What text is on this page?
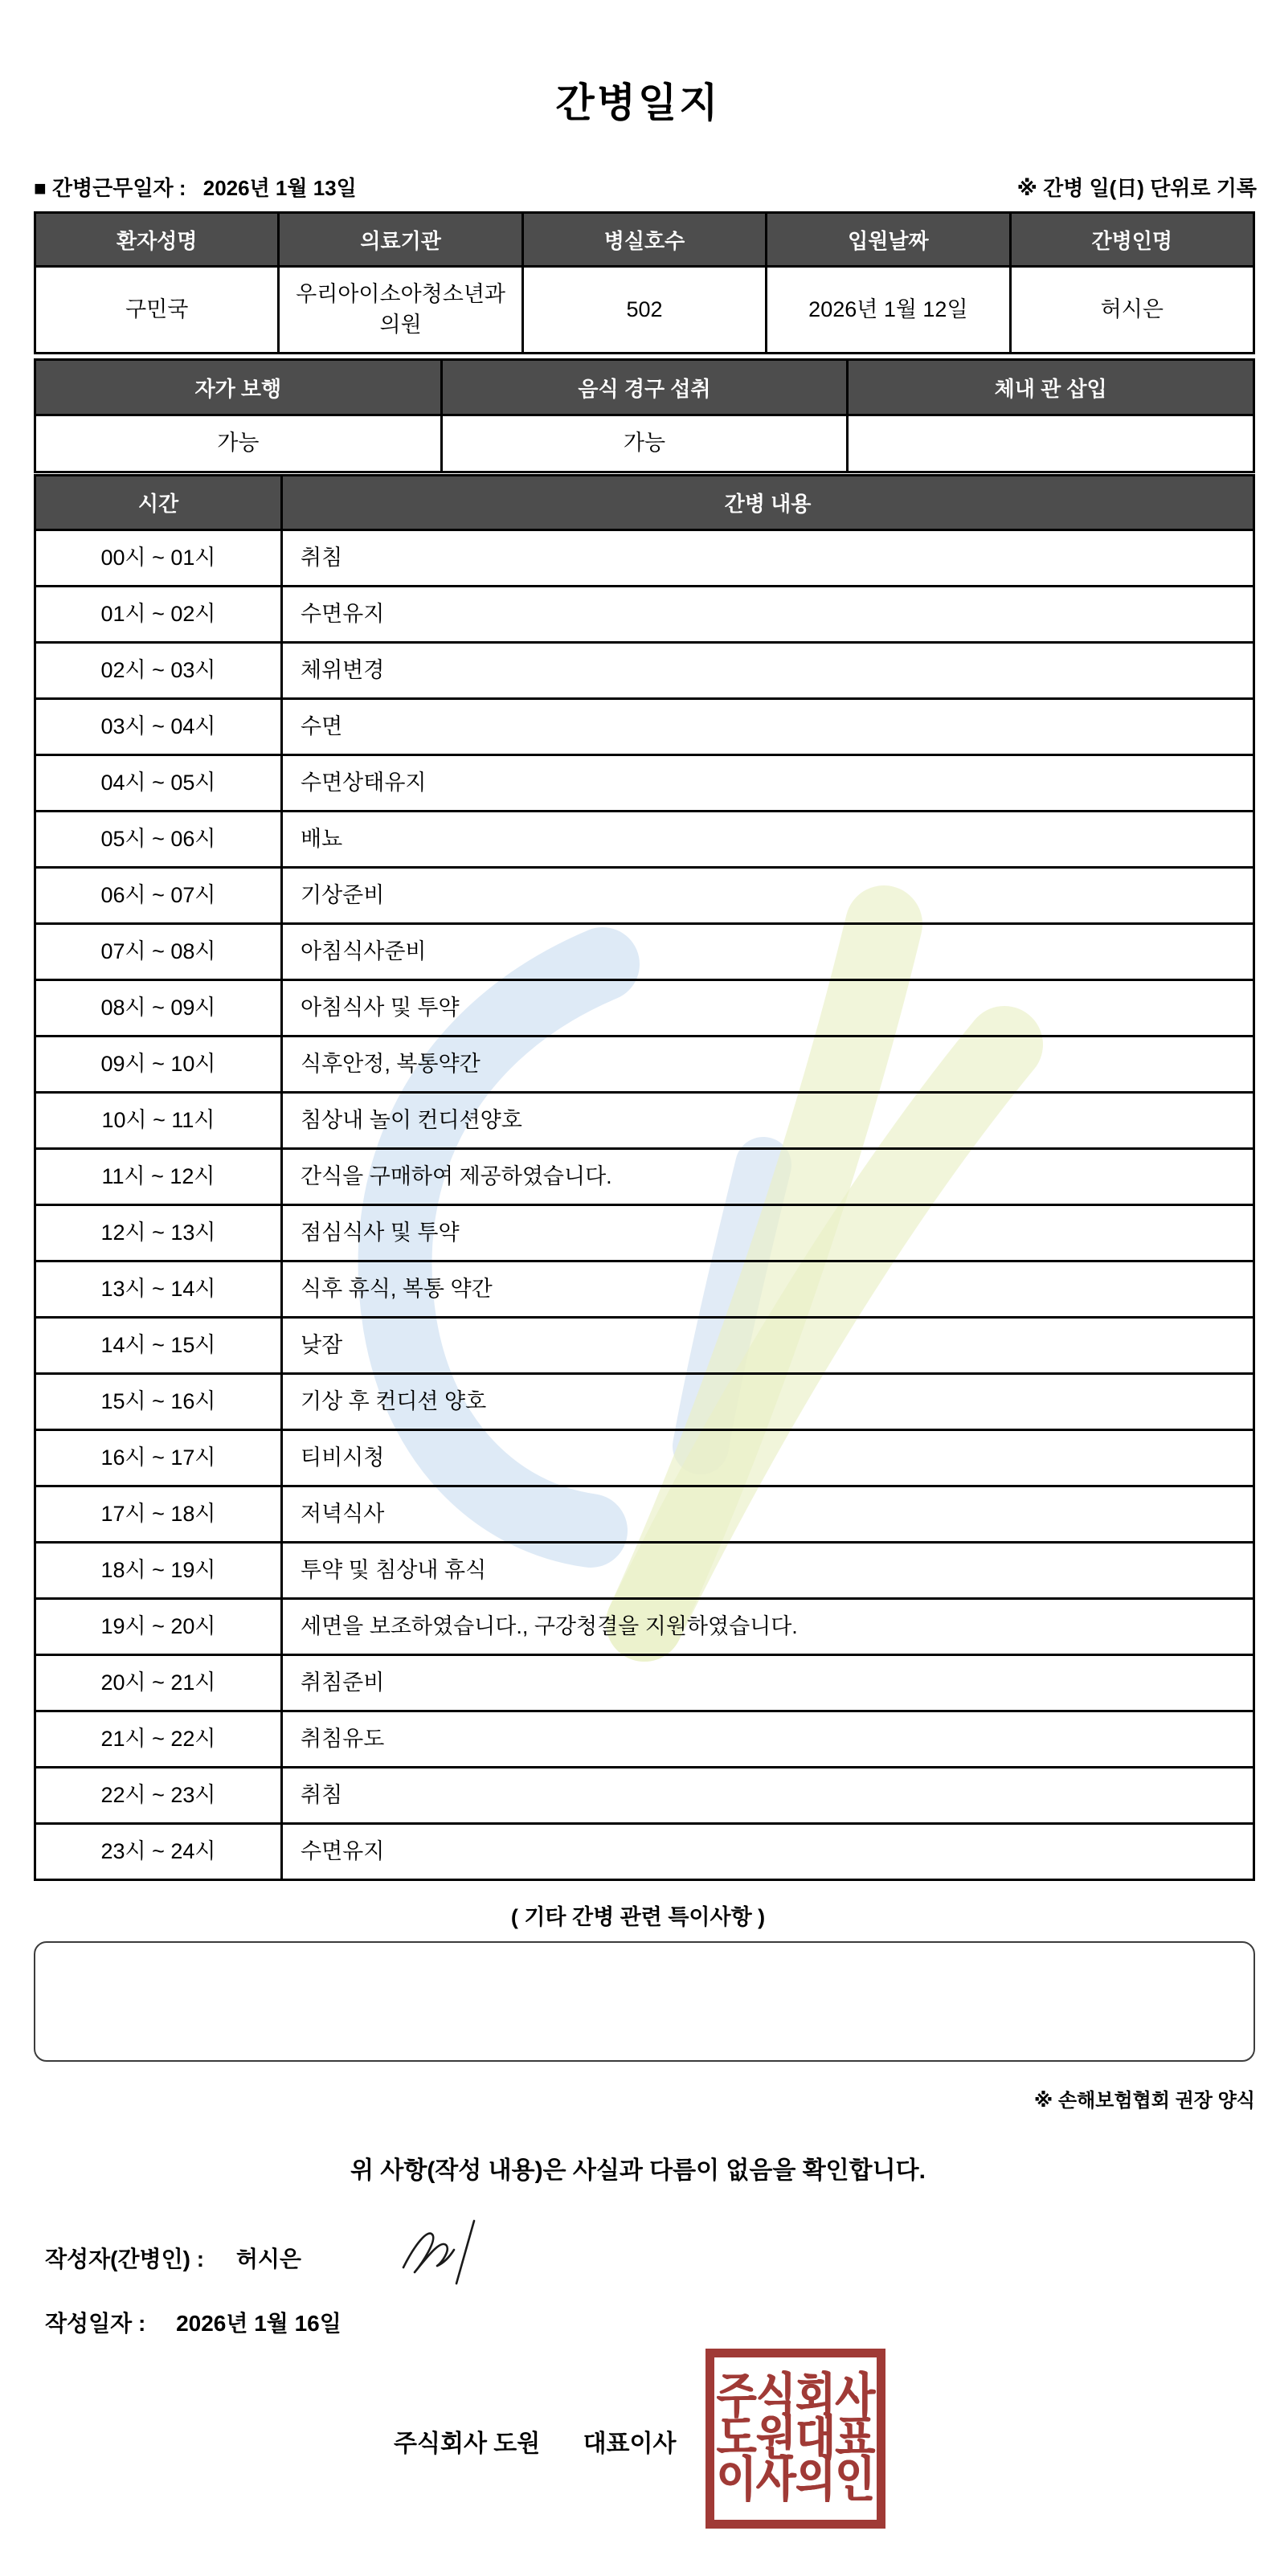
간병일지
■ 간병근무일자 : 2026년 1월 13일	※ 간병 일(日) 단위로 기록
환자성명	의료기관	병실호수	입원날짜	간병인명
구민국	우리아이소아청소년과의원	502	2026년 1월 12일	허시은
자가 보행	음식 경구 섭취	체내 관 삽입
가능	가능	
시간	간병 내용
00시 ~ 01시	취침
01시 ~ 02시	수면유지
02시 ~ 03시	체위변경
03시 ~ 04시	수면
04시 ~ 05시	수면상태유지
05시 ~ 06시	배뇨
06시 ~ 07시	기상준비
07시 ~ 08시	아침식사준비
08시 ~ 09시	아침식사 및 투약
09시 ~ 10시	식후안정, 복통약간
10시 ~ 11시	침상내 놀이 컨디션양호
11시 ~ 12시	간식을 구매하여 제공하였습니다.
12시 ~ 13시	점심식사 및 투약
13시 ~ 14시	식후 휴식, 복통 약간
14시 ~ 15시	낮잠
15시 ~ 16시	기상 후 컨디션 양호
16시 ~ 17시	티비시청
17시 ~ 18시	저녁식사
18시 ~ 19시	투약 및 침상내 휴식
19시 ~ 20시	세면을 보조하였습니다., 구강청결을 지원하였습니다.
20시 ~ 21시	취침준비
21시 ~ 22시	취침유도
22시 ~ 23시	취침
23시 ~ 24시	수면유지
( 기타 간병 관련 특이사항 )
※ 손해보험협회 권장 양식
위 사항(작성 내용)은 사실과 다름이 없음을 확인합니다.
작성자(간병인) : 허시은
작성일자 : 2026년 1월 16일
주식회사 도원 대표이사
주식회사
도원대표
이사의인
